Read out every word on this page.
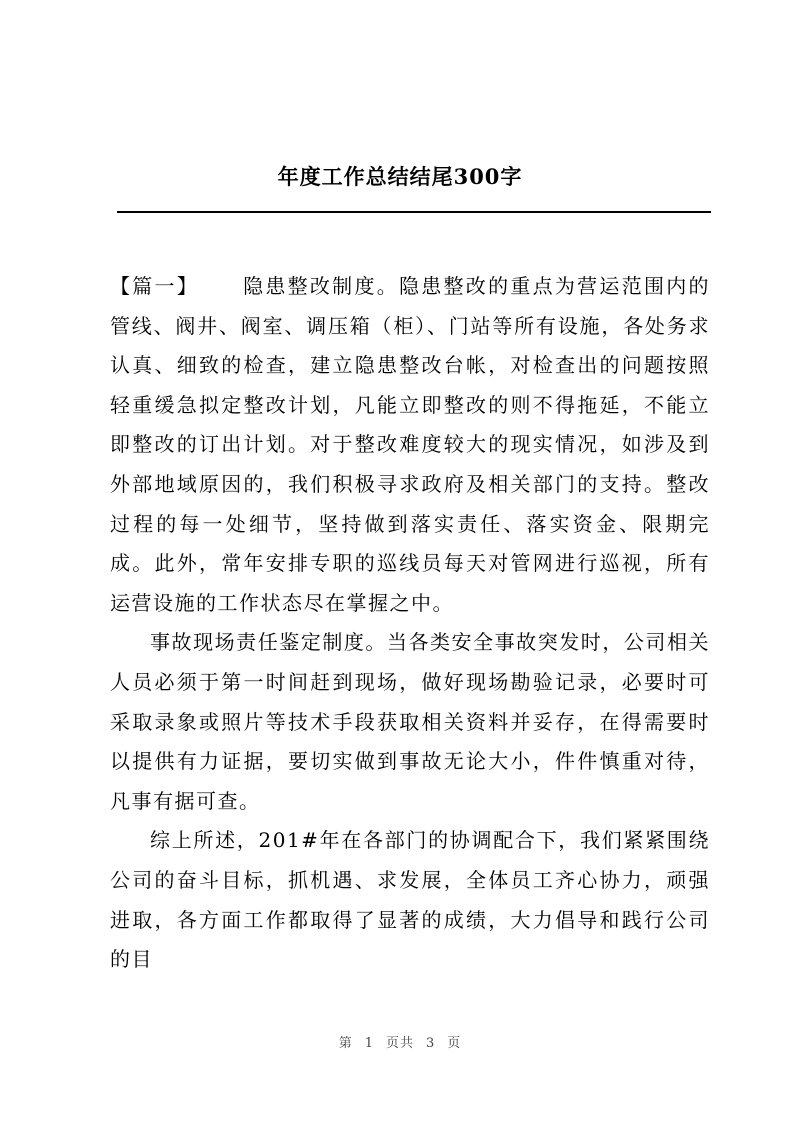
年度工作总结结尾300字

【篇一】 隐患整改制度。隐患整改的重点为营运范围内的管线、阀井、阀室、调压箱（柜）、门站等所有设施，各处务求认真、细致的检查，建立隐患整改台帐，对检查出的问题按照轻重缓急拟定整改计划，凡能立即整改的则不得拖延，不能立即整改的订出计划。对于整改难度较大的现实情况，如涉及到外部地域原因的，我们积极寻求政府及相关部门的支持。整改过程的每一处细节，坚持做到落实责任、落实资金、限期完成。此外，常年安排专职的巡线员每天对管网进行巡视，所有运营设施的工作状态尽在掌握之中。

事故现场责任鉴定制度。当各类安全事故突发时，公司相关人员必须于第一时间赶到现场，做好现场勘验记录，必要时可采取录象或照片等技术手段获取相关资料并妥存，在得需要时以提供有力证据，要切实做到事故无论大小，件件慎重对待，凡事有据可查。

综上所述，201#年在各部门的协调配合下，我们紧紧围绕公司的奋斗目标，抓机遇、求发展，全体员工齐心协力，顽强进取，各方面工作都取得了显著的成绩，大力倡导和践行公司的目

第 1 页共 3 页
